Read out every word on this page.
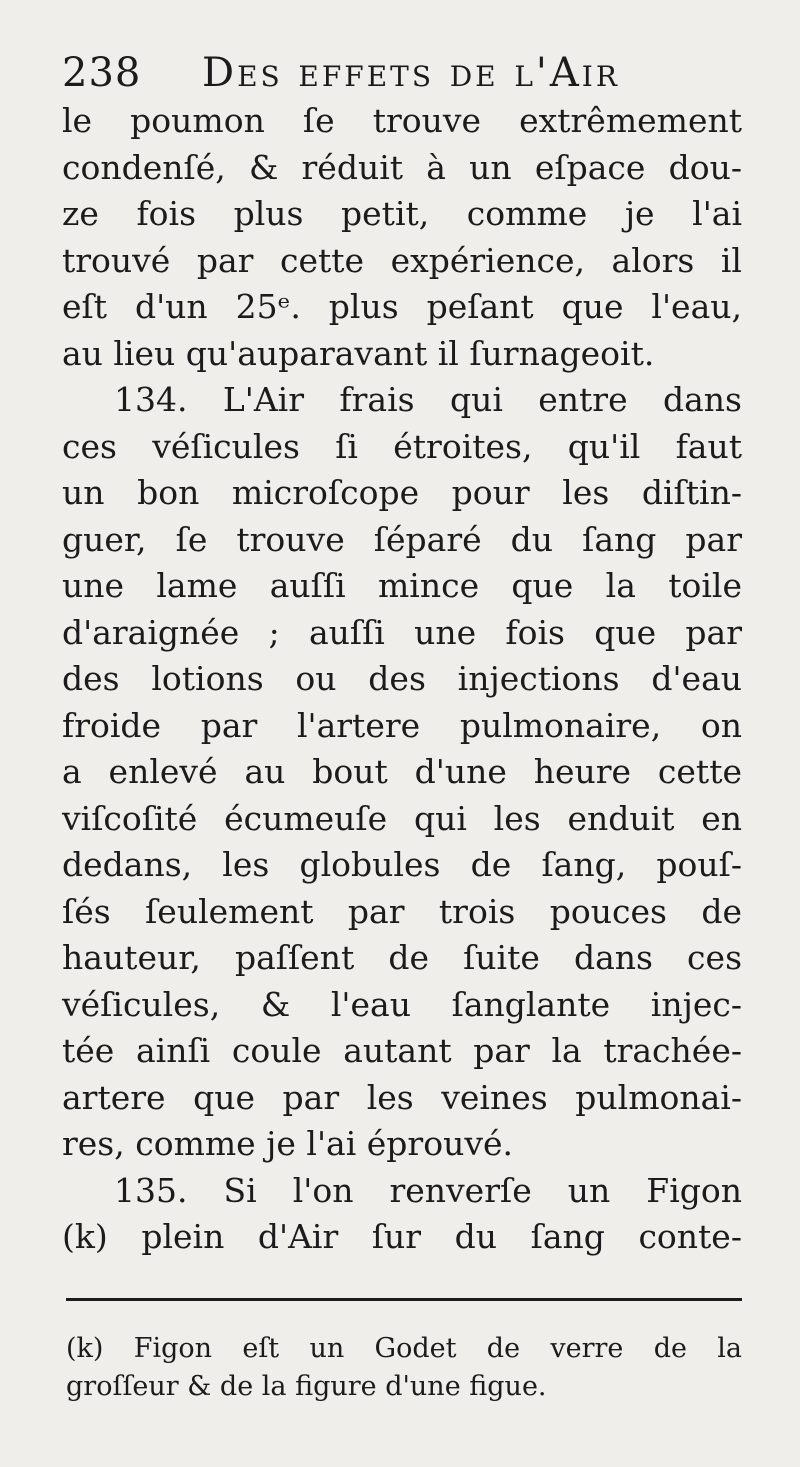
238 Des effets de l'Air
le poumon ſe trouve extrêmement
condenſé, & réduit à un eſpace dou-
ze fois plus petit, comme je l'ai
trouvé par cette expérience, alors il
eſt d'un 25ᵉ. plus peſant que l'eau,
au lieu qu'auparavant il ſurnageoit.
134. L'Air frais qui entre dans
ces véſicules ſi étroites, qu'il faut
un bon microſcope pour les diſtin-
guer, ſe trouve ſéparé du ſang par
une lame auſſi mince que la toile
d'araignée ; auſſi une fois que par
des lotions ou des injections d'eau
froide par l'artere pulmonaire, on
a enlevé au bout d'une heure cette
viſcoſité écumeuſe qui les enduit en
dedans, les globules de ſang, pouſ-
ſés ſeulement par trois pouces de
hauteur, paſſent de ſuite dans ces
véſicules, & l'eau ſanglante injec-
tée ainſi coule autant par la trachée-
artere que par les veines pulmonai-
res, comme je l'ai éprouvé.
135. Si l'on renverſe un Figon
(k) plein d'Air ſur du ſang conte-
(k) Figon eſt un Godet de verre de la
groſſeur & de la figure d'une figue.
